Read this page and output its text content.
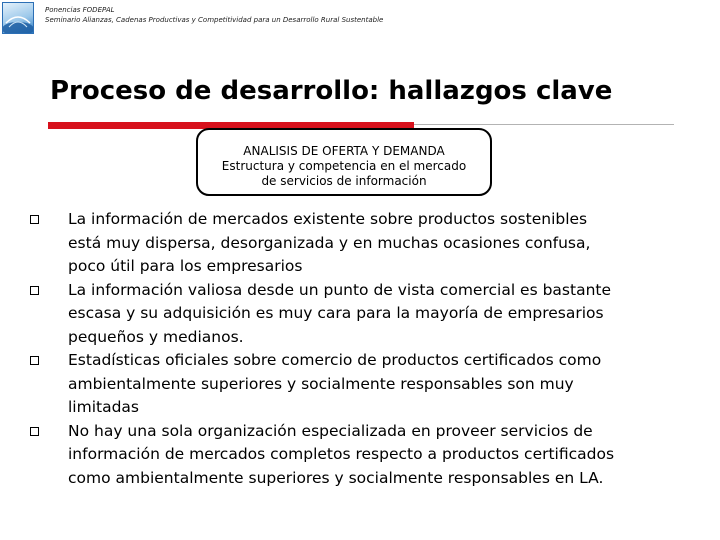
Ponencias FODEPAL
Seminario Alianzas, Cadenas Productivas y Competitividad para un Desarrollo Rural Sustentable
Proceso de desarrollo: hallazgos clave
ANALISIS DE OFERTA Y DEMANDA
Estructura y competencia en el mercado
de servicios de información
La información de mercados existente sobre productos sostenibles
está muy dispersa, desorganizada y en muchas ocasiones confusa,
poco útil para los empresarios
La información valiosa desde un punto de vista comercial es bastante
escasa y su adquisición es muy cara para la mayoría de empresarios
pequeños y medianos.
Estadísticas oficiales sobre comercio de productos certificados como
ambientalmente superiores y socialmente responsables son muy
limitadas
No hay una sola organización especializada en proveer servicios de
información de mercados completos respecto a productos certificados
como ambientalmente superiores y socialmente responsables en LA.
